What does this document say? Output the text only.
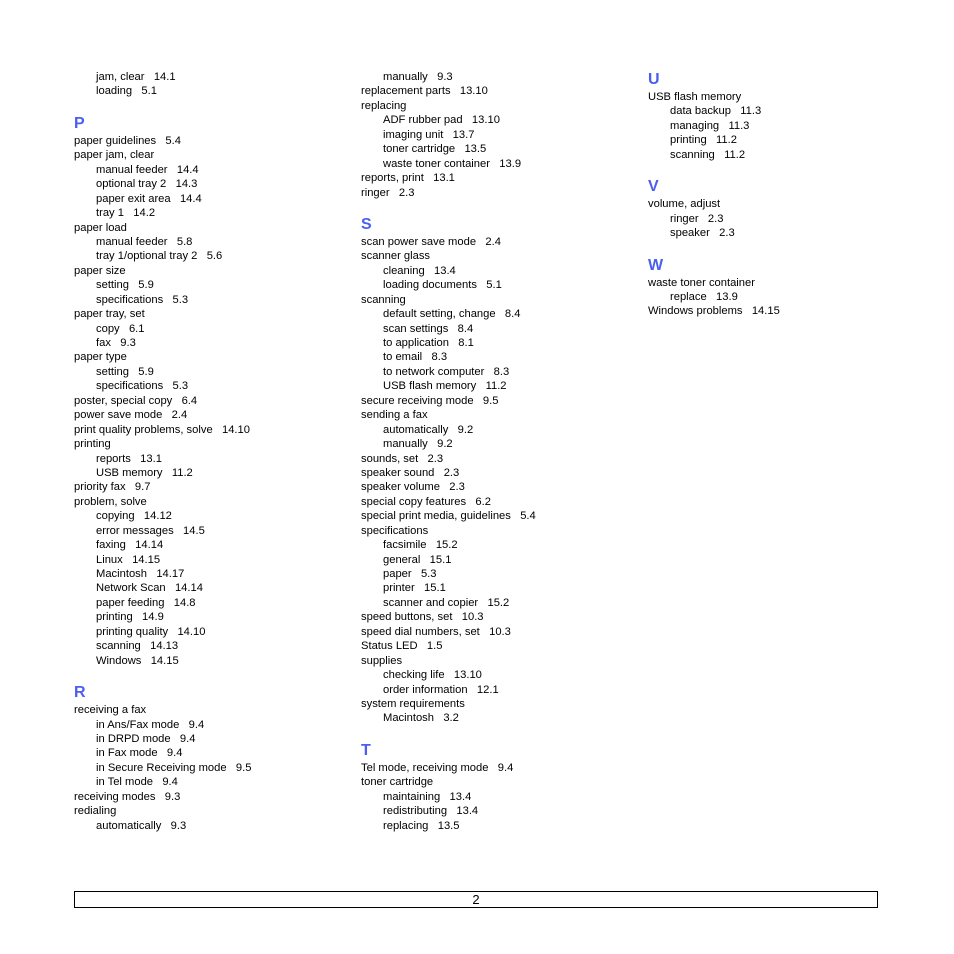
jam, clear   14.1
loading   5.1
P
paper guidelines   5.4
paper jam, clear
manual feeder   14.4
optional tray 2   14.3
paper exit area   14.4
tray 1   14.2
paper load
manual feeder   5.8
tray 1/optional tray 2   5.6
paper size
setting   5.9
specifications   5.3
paper tray, set
copy   6.1
fax   9.3
paper type
setting   5.9
specifications   5.3
poster, special copy   6.4
power save mode   2.4
print quality problems, solve   14.10
printing
reports   13.1
USB memory   11.2
priority fax   9.7
problem, solve
copying   14.12
error messages   14.5
faxing   14.14
Linux   14.15
Macintosh   14.17
Network Scan   14.14
paper feeding   14.8
printing   14.9
printing quality   14.10
scanning   14.13
Windows   14.15
R
receiving a fax
in Ans/Fax mode   9.4
in DRPD mode   9.4
in Fax mode   9.4
in Secure Receiving mode   9.5
in Tel mode   9.4
receiving modes   9.3
redialing
automatically   9.3
manually   9.3
replacement parts   13.10
replacing
ADF rubber pad   13.10
imaging unit   13.7
toner cartridge   13.5
waste toner container   13.9
reports, print   13.1
ringer   2.3
S
scan power save mode   2.4
scanner glass
cleaning   13.4
loading documents   5.1
scanning
default setting, change   8.4
scan settings   8.4
to application   8.1
to email   8.3
to network computer   8.3
USB flash memory   11.2
secure receiving mode   9.5
sending a fax
automatically   9.2
manually   9.2
sounds, set   2.3
speaker sound   2.3
speaker volume   2.3
special copy features   6.2
special print media, guidelines   5.4
specifications
facsimile   15.2
general   15.1
paper   5.3
printer   15.1
scanner and copier   15.2
speed buttons, set   10.3
speed dial numbers, set   10.3
Status LED   1.5
supplies
checking life   13.10
order information   12.1
system requirements
Macintosh   3.2
T
Tel mode, receiving mode   9.4
toner cartridge
maintaining   13.4
redistributing   13.4
replacing   13.5
U
USB flash memory
data backup   11.3
managing   11.3
printing   11.2
scanning   11.2
V
volume, adjust
ringer   2.3
speaker   2.3
W
waste toner container
replace   13.9
Windows problems   14.15
2
